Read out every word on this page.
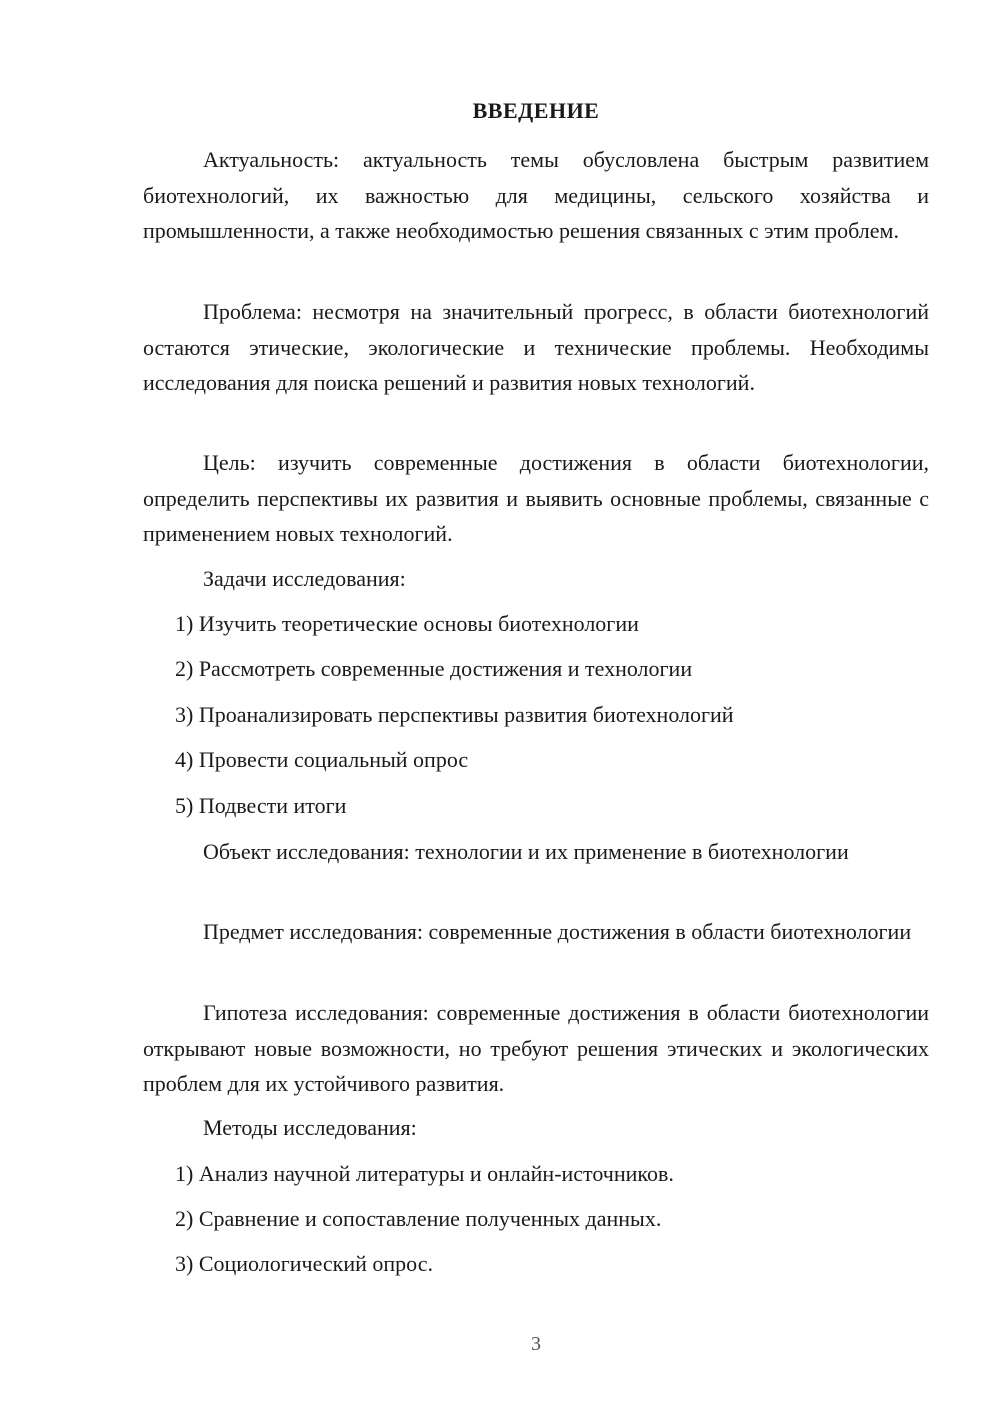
ВВЕДЕНИЕ

Актуальность: актуальность темы обусловлена быстрым развитием биотехнологий, их важностью для медицины, сельского хозяйства и промышленности, а также необходимостью решения связанных с этим проблем.

Проблема: несмотря на значительный прогресс, в области биотехнологий остаются этические, экологические и технические проблемы. Необходимы исследования для поиска решений и развития новых технологий.

Цель: изучить современные достижения в области биотехнологии, определить перспективы их развития и выявить основные проблемы, связанные с применением новых технологий.

Задачи исследования:

1) Изучить теоретические основы биотехнологии

2) Рассмотреть современные достижения и технологии

3) Проанализировать перспективы развития биотехнологий

4) Провести социальный опрос

5) Подвести итоги

Объект исследования: технологии и их применение в биотехнологии

Предмет исследования: современные достижения в области биотехнологии

Гипотеза исследования: современные достижения в области биотехнологии открывают новые возможности, но требуют решения этических и экологических проблем для их устойчивого развития.

Методы исследования:

1) Анализ научной литературы и онлайн-источников.

2) Сравнение и сопоставление полученных данных.

3) Социологический опрос.

3
